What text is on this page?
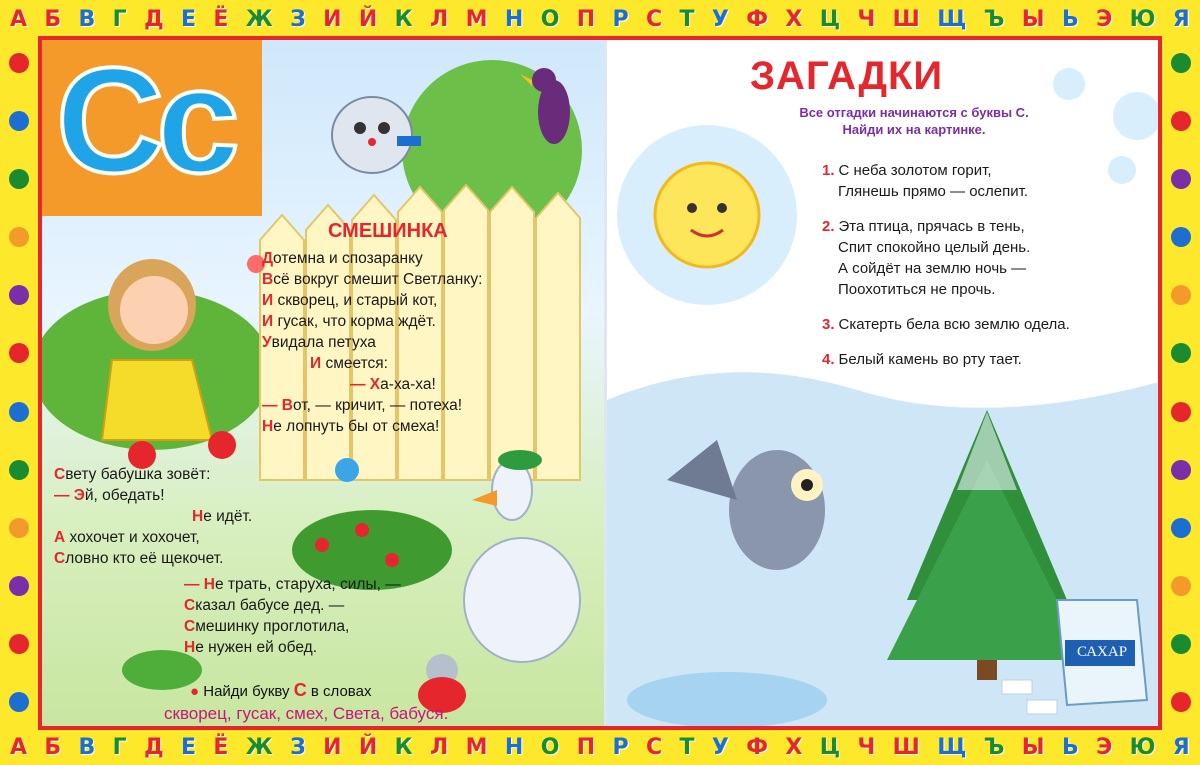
А Б В Г Д Е Ё Ж З И Й К Л М Н О П Р С Т У Ф Х Ц Ч Ш Щ Ъ Ы Ь Э Ю Я
А Б В Г Д Е Ё Ж З И Й К Л М Н О П Р С Т У Ф Х Ц Ч Ш Щ Ъ Ы Ь Э Ю Я
Сс
СМЕШИНКА
Дотемна и спозаранку
Всё вокруг смешит Светланку:
И скворец, и старый кот,
И гусак, что корма ждёт.
Увидала петуха
И смеется:
— Ха-ха-ха!
— Вот, — кричит, — потеха!
Не лопнуть бы от смеха!
Свету бабушка зовёт:
— Эй, обедать!
Не идёт.
А хохочет и хохочет,
Словно кто её щекочет.
— Не трать, старуха, силы, —
Сказал бабусе дед. —
Смешинку проглотила,
Не нужен ей обед.
● Найди букву С в словах
скворец, гусак, смех, Света, бабуся.
САХАР
ЗАГАДКИ
Все отгадки начинаются с буквы С.
Найди их на картинке.
1. С неба золотом горит,
Глянешь прямо — ослепит.
2. Эта птица, прячась в тень,
Спит спокойно целый день.
А сойдёт на землю ночь —
Поохотиться не прочь.
3. Скатерть бела всю землю одела.
4. Белый камень во рту тает.
